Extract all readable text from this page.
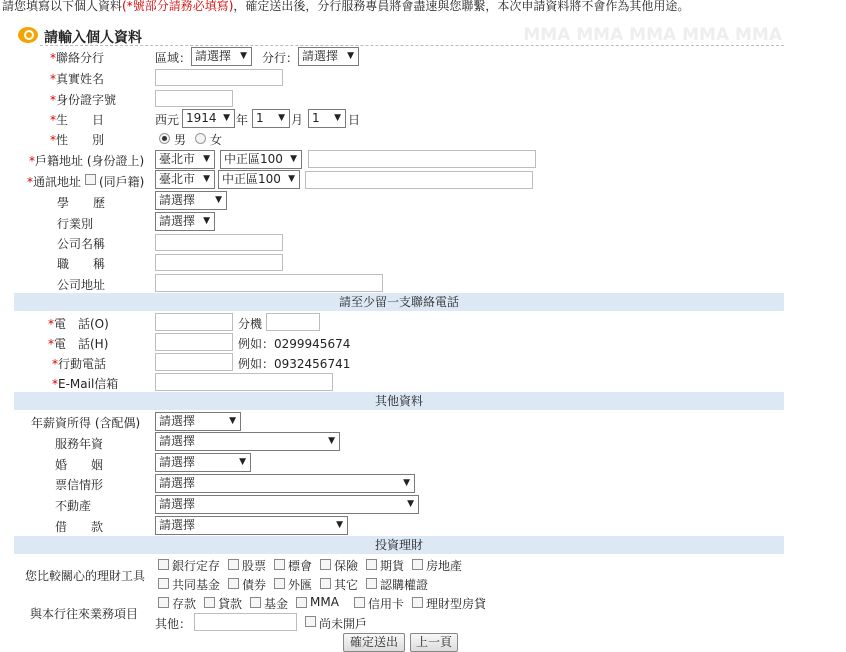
請您填寫以下個人資料(*號部分請務必填寫)，確定送出後，分行服務專員將會盡速與您聯繫，本次申請資料將不會作為其他用途。
請輸入個人資料	MMA MMA MMA MMA MMA
*聯絡分行	區域： 請選擇 ▼ 分行： 請選擇 ▼
*真實姓名
*身份證字號
*生　　日	西元 1914 ▼ 年 1 ▼ 月 1 ▼ 日
*性　　別	男 女
*戶籍地址 (身份證上)	臺北市 ▼	中正區100 ▼
*通訊地址 (同戶籍)	臺北市 ▼	中正區100 ▼
學　　歷	請選擇 ▼
行業別	請選擇 ▼
公司名稱
職　　稱
公司地址
請至少留一支聯絡電話
*電　話(O)	分機
*電　話(H)	例如：0299945674
*行動電話	例如：0932456741
*E-Mail信箱
其他資料
年薪資所得 (含配偶)	請選擇	▼
服務年資	請選擇	▼
婚　　姻	請選擇	▼
票信情形	請選擇	▼
不動產	請選擇	▼
借　　款	請選擇	▼
投資理財
您比較關心的理財工具
銀行定存 股票 標會 保險 期貨 房地產
共同基金 債券 外匯 其它 認購權證
與本行往來業務項目
存款 貸款 基金 MMA 信用卡 理財型房貸
其他：	尚未開戶
確定送出	上一頁
